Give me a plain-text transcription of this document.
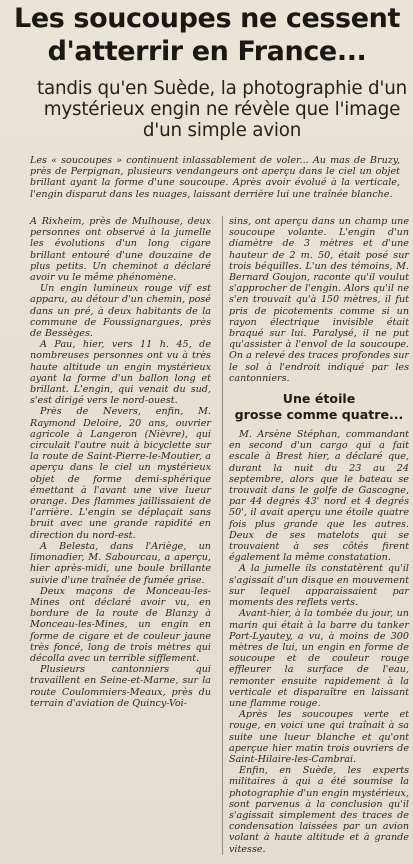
Les soucoupes ne cessent d'atterrir en France...
tandis qu'en Suède, la photographie d'un mystérieux engin ne révèle que l'image d'un simple avion
Les « soucoupes » continuent inlassablement de voler... Au mas de Bruzy, près de Perpignan, plusieurs vendangeurs ont aperçu dans le ciel un objet brillant ayant la forme d'une soucoupe. Après avoir évolué à la verticale, l'engin disparut dans les nuages, laissant derrière lui une traînée blanche.

A Rixheim, près de Mulhouse, deux personnes ont observé à la jumelle les évolutions d'un long cigare brillant entouré d'une douzaine de plus petits. Un cheminot a déclaré avoir vu le même phénomène.

Un engin lumineux rouge vif est apparu, au détour d'un chemin, posé dans un pré, à deux habitants de la commune de Foussignargues, près de Bessèges.

A Pau, hier, vers 11 h. 45, de nombreuses personnes ont vu à très haute altitude un engin mystérieux ayant la forme d'un ballon long et brillant. L'engin, qui venait du sud, s'est dirigé vers le nord-ouest.

Près de Nevers, enfin, M. Raymond Deloire, 20 ans, ouvrier agricole à Langeron (Nièvre), qui circulait l'autre nuit à bicyclette sur la route de Saint-Pierre-le-Moutier, a aperçu dans le ciel un mystérieux objet de forme demi-sphérique émettant à l'avant une vive lueur orange. Des flammes jaillissaient de l'arrière. L'engin se déplaçait sans bruit avec une grande rapidité en direction du nord-est.

A Belesta, dans l'Ariège, un limonadier, M. Sabourcau, a aperçu, hier après-midi, une boule brillante suivie d'une traînée de fumée grise.

Deux maçons de Monceau-les-Mines ont déclaré avoir vu, en bordure de la route de Blanzy à Monceau-les-Mines, un engin en forme de cigare et de couleur jaune très foncé, long de trois mètres qui décolla avec un terrible sifflement.

Plusieurs cantonniers qui travaillent en Seine-et-Marne, sur la route Coulommiers-Meaux, près du terrain d'aviation de Quincy-Voi-

sins, ont aperçu dans un champ une soucoupe volante. L'engin d'un diamètre de 3 mètres et d'une hauteur de 2 m. 50, était posé sur trois béquilles. L'un des témoins, M. Bernard Goujon, raconte qu'il voulut s'approcher de l'engin. Alors qu'il ne s'en trouvait qu'à 150 mètres, il fut pris de picotements comme si un rayon électrique invisible était braqué sur lui. Paralysé, il ne put qu'assister à l'envol de la soucoupe. On a relevé des traces profondes sur le sol à l'endroit indiqué par les cantonniers.

Une étoile
grosse comme quatre...

M. Arsène Stéphan, commandant en second d'un cargo qui a fait escale à Brest hier, a déclaré que, durant la nuit du 23 au 24 septembre, alors que le bateau se trouvait dans le golfe de Gascogne, par 44 degrés 43' nord et 4 degrés 50', il avait aperçu une étoile quatre fois plus grande que les autres. Deux de ses matelots qui se trouvaient à ses côtés firent également la même constatation.

A la jumelle ils constatèrent qu'il s'agissait d'un disque en mouvement sur lequel apparaissaient par moments des reflets verts.

Avant-hier, à la tombée du jour, un marin qui était à la barre du tanker Port-Lyautey, a vu, à moins de 300 mètres de lui, un engin en forme de soucoupe et de couleur rouge effleurer la surface de l'eau, remonter ensuite rapidement à la verticale et disparaître en laissant une flamme rouge.

Après les soucoupes verte et rouge, en voici une qui traînait à sa suite une lueur blanche et qu'ont aperçue hier matin trois ouvriers de Saint-Hilaire-les-Cambrai.

Enfin, en Suède, les experts militaires à qui a été soumise la photographie d'un engin mystérieux, sont parvenus à la conclusion qu'il s'agissait simplement des traces de condensation laissées par un avion volant à haute altitude et à grande vitesse.
